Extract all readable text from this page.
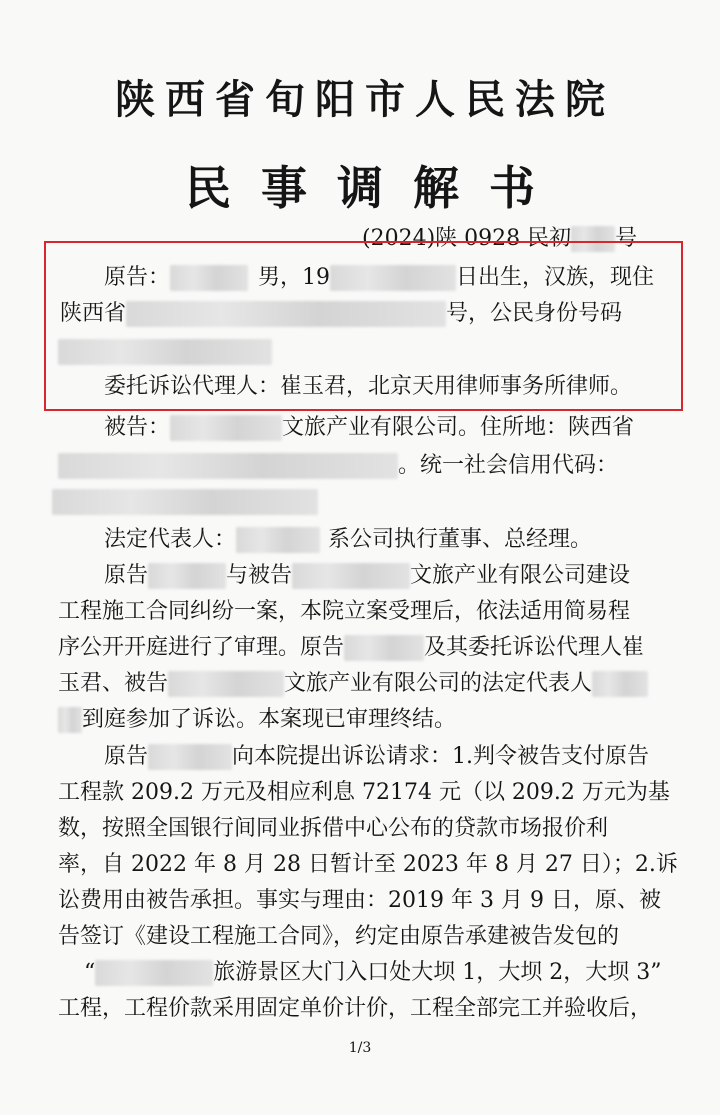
陕西省旬阳市人民法院
民事调解书
(2024)陕 0928 民初 号
原告：	男，19	日出生，汉族，现住
陕西省	号，公民身份号码
委托诉讼代理人：崔玉君，北京天用律师事务所律师。
被告：	文旅产业有限公司。住所地：陕西省
。统一社会信用代码：
法定代表人：	系公司执行董事、总经理。
原告	与被告	文旅产业有限公司建设
工程施工合同纠纷一案，本院立案受理后，依法适用简易程
序公开开庭进行了审理。原告	及其委托诉讼代理人崔
玉君、被告	文旅产业有限公司的法定代表人
到庭参加了诉讼。本案现已审理终结。
原告	向本院提出诉讼请求：1.判令被告支付原告
工程款 209.2 万元及相应利息 72174 元（以 209.2 万元为基
数，按照全国银行间同业拆借中心公布的贷款市场报价利
率，自 2022 年 8 月 28 日暂计至 2023 年 8 月 27 日）；2.诉
讼费用由被告承担。事实与理由：2019 年 3 月 9 日，原、被
告签订《建设工程施工合同》，约定由原告承建被告发包的
“	旅游景区大门入口处大坝 1，大坝 2，大坝 3”
工程，工程价款采用固定单价计价，工程全部完工并验收后，
1/3
